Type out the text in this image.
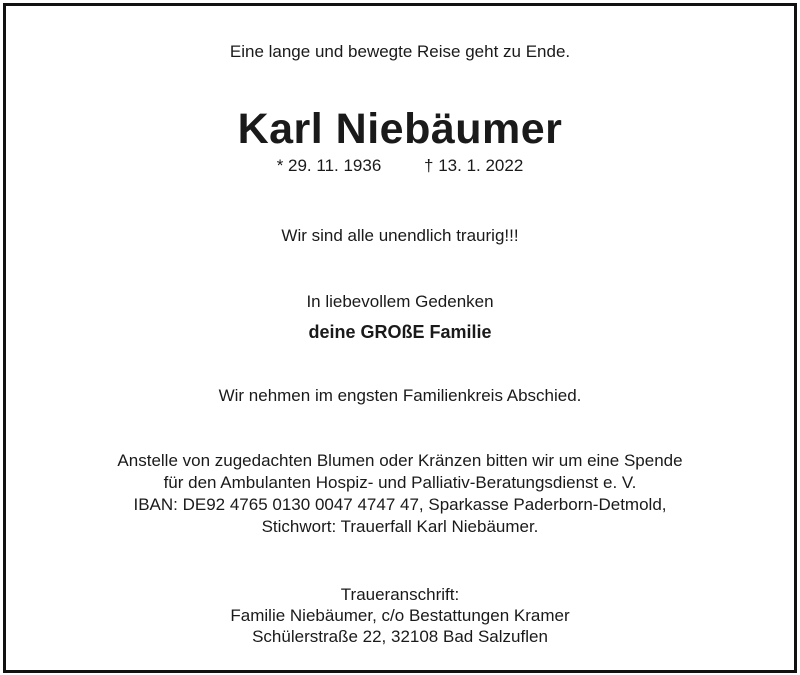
Eine lange und bewegte Reise geht zu Ende.
Karl Niebäumer
* 29. 11. 1936	† 13. 1. 2022
Wir sind alle unendlich traurig!!!
In liebevollem Gedenken
deine GROßE Familie
Wir nehmen im engsten Familienkreis Abschied.
Anstelle von zugedachten Blumen oder Kränzen bitten wir um eine Spende
für den Ambulanten Hospiz- und Palliativ-Beratungsdienst e. V.
IBAN: DE92 4765 0130 0047 4747 47, Sparkasse Paderborn-Detmold,
Stichwort: Trauerfall Karl Niebäumer.
Traueranschrift:
Familie Niebäumer, c/o Bestattungen Kramer
Schülerstraße 22, 32108 Bad Salzuflen
